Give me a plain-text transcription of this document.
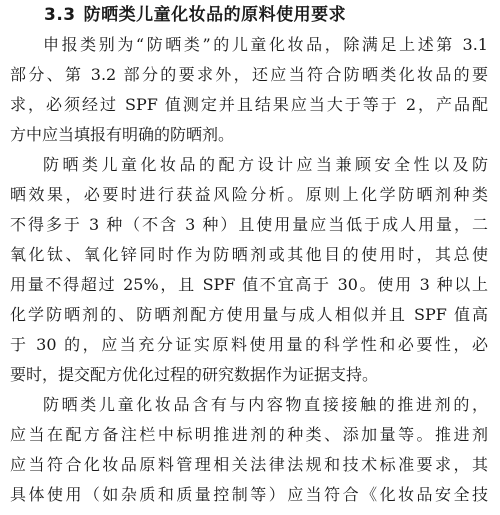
3.3 防晒类儿童化妆品的原料使用要求
申报类别为“防晒类”的儿童化妆品，除满足上述第 3.1
部分、第 3.2 部分的要求外，还应当符合防晒类化妆品的要
求，必须经过 SPF 值测定并且结果应当大于等于 2，产品配
方中应当填报有明确的防晒剂。
防晒类儿童化妆品的配方设计应当兼顾安全性以及防
晒效果，必要时进行获益风险分析。原则上化学防晒剂种类
不得多于 3 种（不含 3 种）且使用量应当低于成人用量，二
氧化钛、氧化锌同时作为防晒剂或其他目的使用时，其总使
用量不得超过 25%，且 SPF 值不宜高于 30。使用 3 种以上
化学防晒剂的、防晒剂配方使用量与成人相似并且 SPF 值高
于 30 的，应当充分证实原料使用量的科学性和必要性，必
要时，提交配方优化过程的研究数据作为证据支持。
防晒类儿童化妆品含有与内容物直接接触的推进剂的，
应当在配方备注栏中标明推进剂的种类、添加量等。推进剂
应当符合化妆品原料管理相关法律法规和技术标准要求，其
具体使用（如杂质和质量控制等）应当符合《化妆品安全技
